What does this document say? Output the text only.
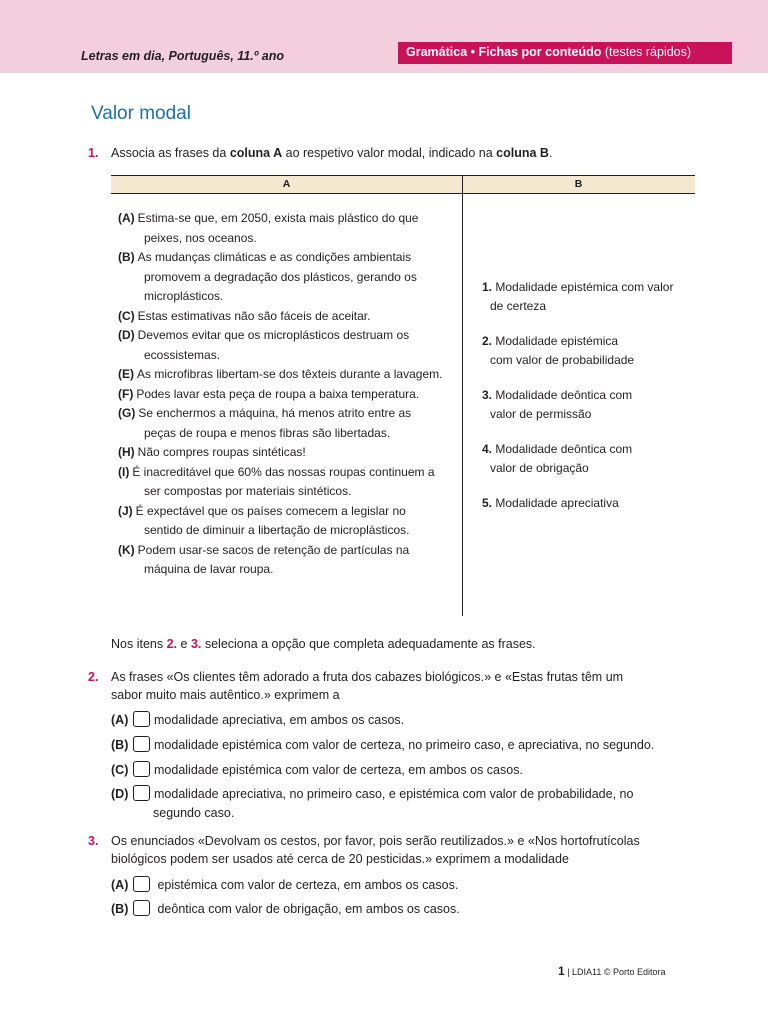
Letras em dia, Português, 11.º ano	Gramática • Fichas por conteúdo (testes rápidos)
Valor modal
1. Associa as frases da coluna A ao respetivo valor modal, indicado na coluna B.
A	B
(A) Estima-se que, em 2050, exista mais plástico do que
peixes, nos oceanos.
(B) As mudanças climáticas e as condições ambientais
promovem a degradação dos plásticos, gerando os
microplásticos.
(C) Estas estimativas não são fáceis de aceitar.
(D) Devemos evitar que os microplásticos destruam os
ecossistemas.
(E) As microfibras libertam-se dos têxteis durante a lavagem.
(F) Podes lavar esta peça de roupa a baixa temperatura.
(G) Se enchermos a máquina, há menos atrito entre as
peças de roupa e menos fibras são libertadas.
(H) Não compres roupas sintéticas!
(I) É inacreditável que 60% das nossas roupas continuem a
ser compostas por materiais sintéticos.
(J) É expectável que os países comecem a legislar no
sentido de diminuir a libertação de microplásticos.
(K) Podem usar-se sacos de retenção de partículas na
máquina de lavar roupa.
1. Modalidade epistémica com valor
de certeza
2. Modalidade epistémica
com valor de probabilidade
3. Modalidade deôntica com
valor de permissão
4. Modalidade deôntica com
valor de obrigação
5. Modalidade apreciativa
Nos itens 2. e 3. seleciona a opção que completa adequadamente as frases.
2. As frases «Os clientes têm adorado a fruta dos cabazes biológicos.» e «Estas frutas têm um
sabor muito mais autêntico.» exprimem a
(A) modalidade apreciativa, em ambos os casos.
(B) modalidade epistémica com valor de certeza, no primeiro caso, e apreciativa, no segundo.
(C) modalidade epistémica com valor de certeza, em ambos os casos.
(D) modalidade apreciativa, no primeiro caso, e epistémica com valor de probabilidade, no
segundo caso.
3. Os enunciados «Devolvam os cestos, por favor, pois serão reutilizados.» e «Nos hortofrutícolas
biológicos podem ser usados até cerca de 20 pesticidas.» exprimem a modalidade
(A) epistémica com valor de certeza, em ambos os casos.
(B) deôntica com valor de obrigação, em ambos os casos.
1 | LDIA11 © Porto Editora
